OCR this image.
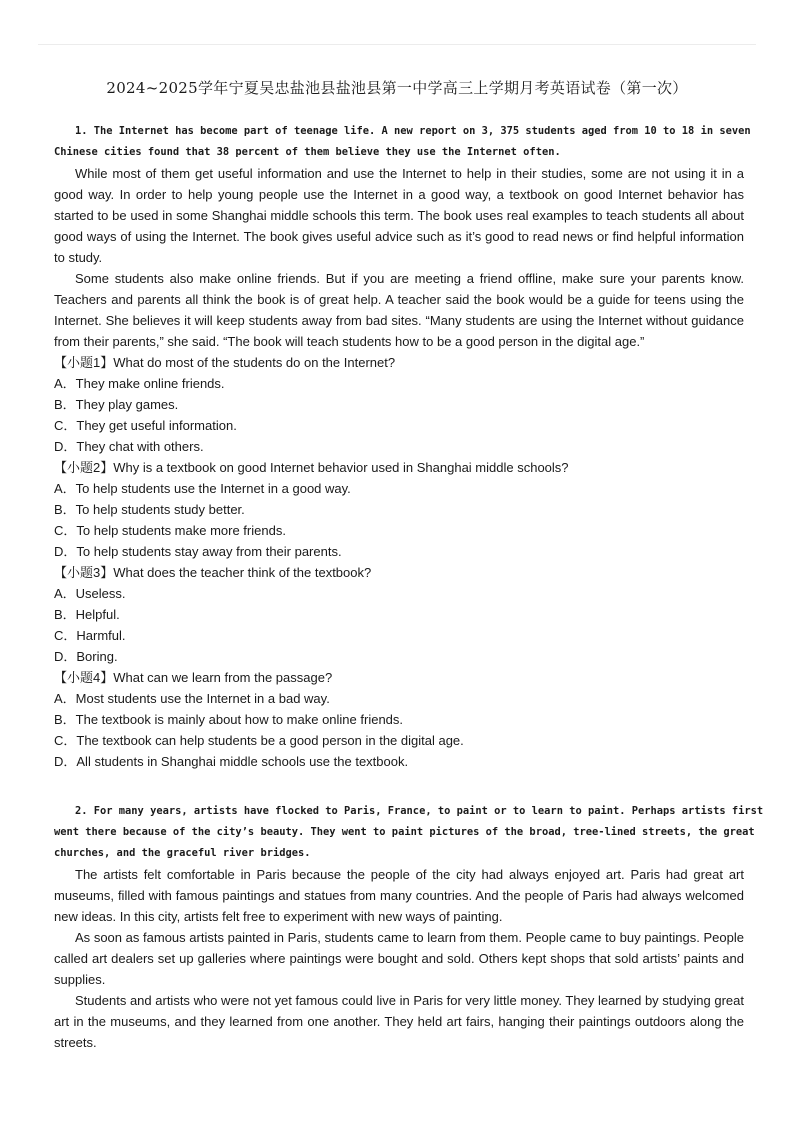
2024~2025学年宁夏吴忠盐池县盐池县第一中学高三上学期月考英语试卷（第一次）

1. The Internet has become part of teenage life. A new report on 3, 375 students aged from 10 to 18 in seven

Chinese cities found that 38 percent of them believe they use the Internet often.

While most of them get useful information and use the Internet to help in their studies, some are not using it in a good way. In order to help young people use the Internet in a good way, a textbook on good Internet behavior has started to be used in some Shanghai middle schools this term. The book uses real examples to teach students all about good ways of using the Internet. The book gives useful advice such as it’s good to read news or find helpful information to study.

Some students also make online friends. But if you are meeting a friend offline, make sure your parents know. Teachers and parents all think the book is of great help. A teacher said the book would be a guide for teens using the Internet. She believes it will keep students away from bad sites. “Many students are using the Internet without guidance from their parents,” she said. “The book will teach students how to be a good person in the digital age.”

【小题1】What do most of the students do on the Internet?

A．They make online friends.

B．They play games.

C．They get useful information.

D．They chat with others.

【小题2】Why is a textbook on good Internet behavior used in Shanghai middle schools?

A．To help students use the Internet in a good way.

B．To help students study better.

C．To help students make more friends.

D．To help students stay away from their parents.

【小题3】What does the teacher think of the textbook?

A．Useless.

B．Helpful.

C．Harmful.

D．Boring.

【小题4】What can we learn from the passage?

A．Most students use the Internet in a bad way.

B．The textbook is mainly about how to make online friends.

C．The textbook can help students be a good person in the digital age.

D．All students in Shanghai middle schools use the textbook.

2. For many years, artists have flocked to Paris, France, to paint or to learn to paint. Perhaps artists first

went there because of the city’s beauty. They went to paint pictures of the broad, tree-lined streets, the great

churches, and the graceful river bridges.

The artists felt comfortable in Paris because the people of the city had always enjoyed art. Paris had great art museums, filled with famous paintings and statues from many countries. And the people of Paris had always welcomed new ideas. In this city, artists felt free to experiment with new ways of painting.

As soon as famous artists painted in Paris, students came to learn from them. People came to buy paintings. People called art dealers set up galleries where paintings were bought and sold. Others kept shops that sold artists’ paints and supplies.

Students and artists who were not yet famous could live in Paris for very little money. They learned by studying great art in the museums, and they learned from one another. They held art fairs, hanging their paintings outdoors along the streets.
